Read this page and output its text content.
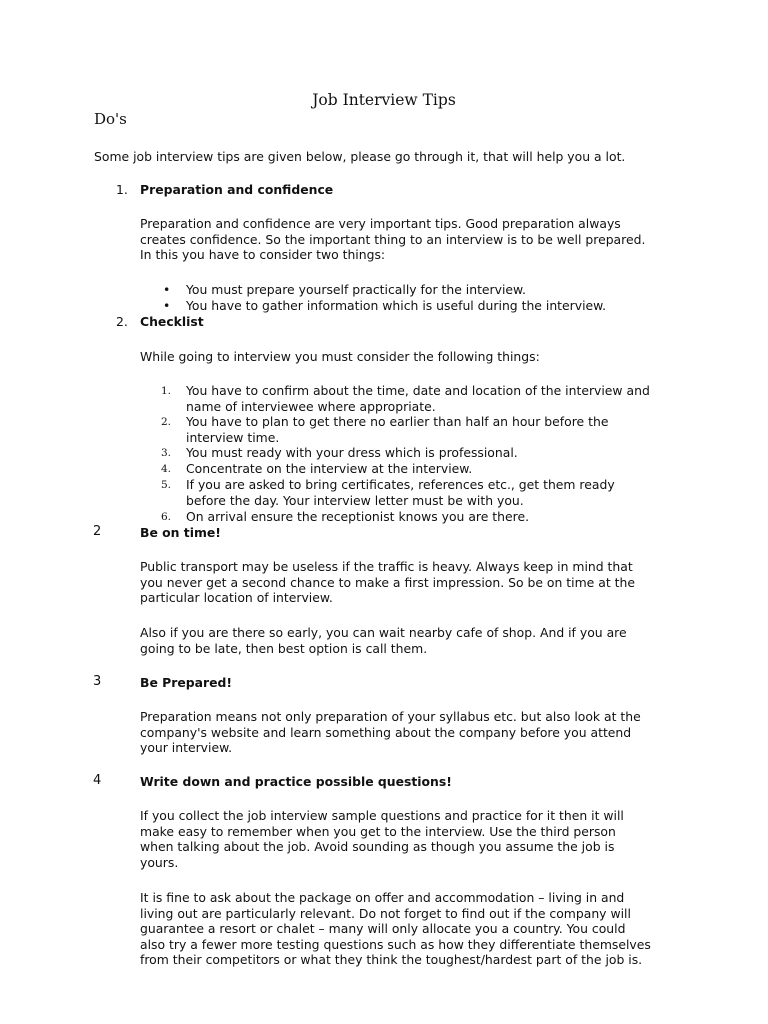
Job Interview Tips
Do's
Some job interview tips are given below, please go through it, that will help you a lot.
1. Preparation and confidence
Preparation and confidence are very important tips. Good preparation always
creates confidence. So the important thing to an interview is to be well prepared.
In this you have to consider two things:
• You must prepare yourself practically for the interview.
• You have to gather information which is useful during the interview.
2. Checklist
While going to interview you must consider the following things:
1. You have to confirm about the time, date and location of the interview and
name of interviewee where appropriate.
2. You have to plan to get there no earlier than half an hour before the
interview time.
3. You must ready with your dress which is professional.
4. Concentrate on the interview at the interview.
5. If you are asked to bring certificates, references etc., get them ready
before the day. Your interview letter must be with you.
6. On arrival ensure the receptionist knows you are there.
2	Be on time!
Public transport may be useless if the traffic is heavy. Always keep in mind that
you never get a second chance to make a first impression. So be on time at the
particular location of interview.
Also if you are there so early, you can wait nearby cafe of shop. And if you are
going to be late, then best option is call them.
3	Be Prepared!
Preparation means not only preparation of your syllabus etc. but also look at the
company's website and learn something about the company before you attend
your interview.
4	Write down and practice possible questions!
If you collect the job interview sample questions and practice for it then it will
make easy to remember when you get to the interview. Use the third person
when talking about the job. Avoid sounding as though you assume the job is
yours.
It is fine to ask about the package on offer and accommodation – living in and
living out are particularly relevant. Do not forget to find out if the company will
guarantee a resort or chalet – many will only allocate you a country. You could
also try a fewer more testing questions such as how they differentiate themselves
from their competitors or what they think the toughest/hardest part of the job is.
